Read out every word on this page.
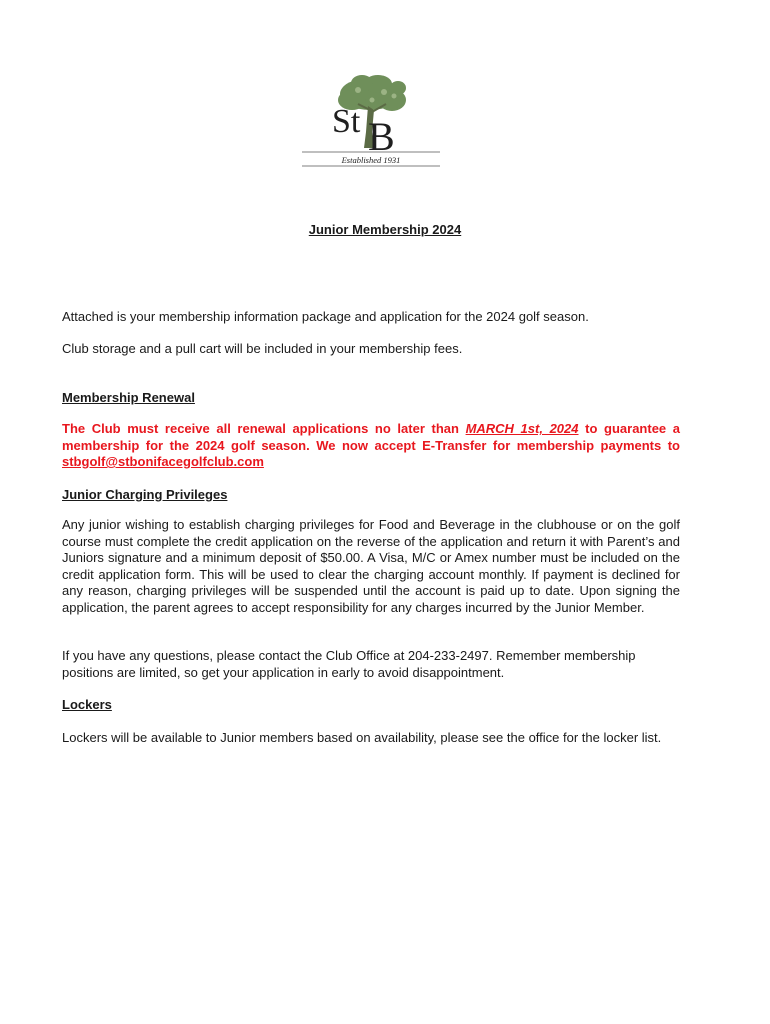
St B
Established 1931
Junior Membership 2024

Attached is your membership information package and application for the 2024 golf season.

Club storage and a pull cart will be included in your membership fees.

Membership Renewal

The Club must receive all renewal applications no later than MARCH 1st, 2024 to guarantee a membership for the 2024 golf season. We now accept E-Transfer for membership payments to stbgolf@stbonifacegolfclub.com

Junior Charging Privileges

Any junior wishing to establish charging privileges for Food and Beverage in the clubhouse or on the golf course must complete the credit application on the reverse of the application and return it with Parent’s and Juniors signature and a minimum deposit of $50.00. A Visa, M/C or Amex number must be included on the credit application form. This will be used to clear the charging account monthly. If payment is declined for any reason, charging privileges will be suspended until the account is paid up to date. Upon signing the application, the parent agrees to accept responsibility for any charges incurred by the Junior Member.

If you have any questions, please contact the Club Office at 204-233-2497. Remember membership positions are limited, so get your application in early to avoid disappointment.

Lockers

Lockers will be available to Junior members based on availability, please see the office for the locker list.
